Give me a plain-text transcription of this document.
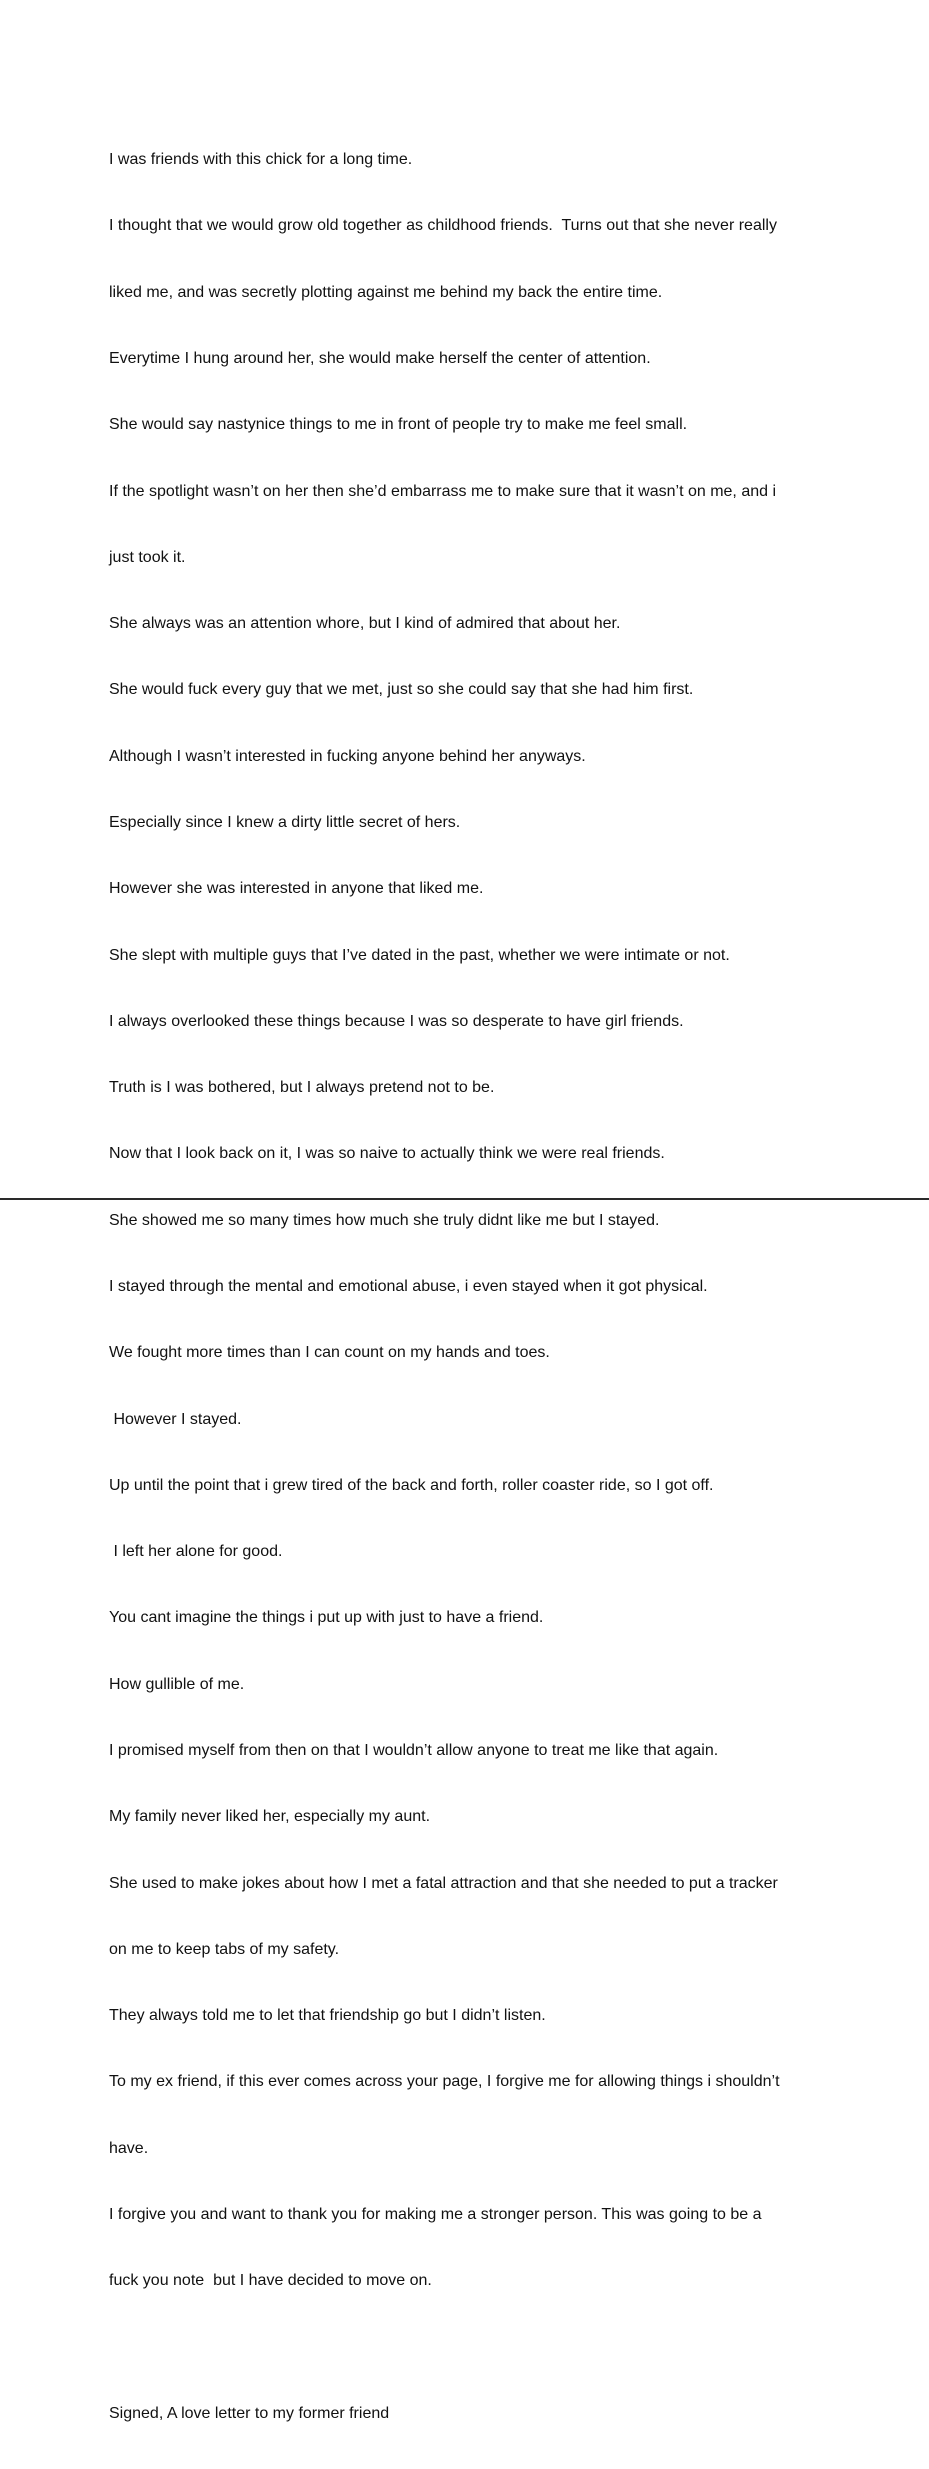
I was friends with this chick for a long time.

I thought that we would grow old together as childhood friends.  Turns out that she never really

liked me, and was secretly plotting against me behind my back the entire time.

Everytime I hung around her, she would make herself the center of attention.

She would say nastynice things to me in front of people try to make me feel small.

If the spotlight wasn’t on her then she’d embarrass me to make sure that it wasn’t on me, and i

just took it.

She always was an attention whore, but I kind of admired that about her.

She would fuck every guy that we met, just so she could say that she had him first.

Although I wasn’t interested in fucking anyone behind her anyways.

Especially since I knew a dirty little secret of hers.

However she was interested in anyone that liked me.

She slept with multiple guys that I’ve dated in the past, whether we were intimate or not.

I always overlooked these things because I was so desperate to have girl friends.

Truth is I was bothered, but I always pretend not to be.

Now that I look back on it, I was so naive to actually think we were real friends.

She showed me so many times how much she truly didnt like me but I stayed.

I stayed through the mental and emotional abuse, i even stayed when it got physical.

We fought more times than I can count on my hands and toes.

However I stayed.

Up until the point that i grew tired of the back and forth, roller coaster ride, so I got off.

I left her alone for good.

You cant imagine the things i put up with just to have a friend.

How gullible of me.

I promised myself from then on that I wouldn’t allow anyone to treat me like that again.

My family never liked her, especially my aunt.

She used to make jokes about how I met a fatal attraction and that she needed to put a tracker

on me to keep tabs of my safety.

They always told me to let that friendship go but I didn’t listen.

To my ex friend, if this ever comes across your page, I forgive me for allowing things i shouldn’t

have.

I forgive you and want to thank you for making me a stronger person. This was going to be a

fuck you note  but I have decided to move on.

Signed, A love letter to my former friend
